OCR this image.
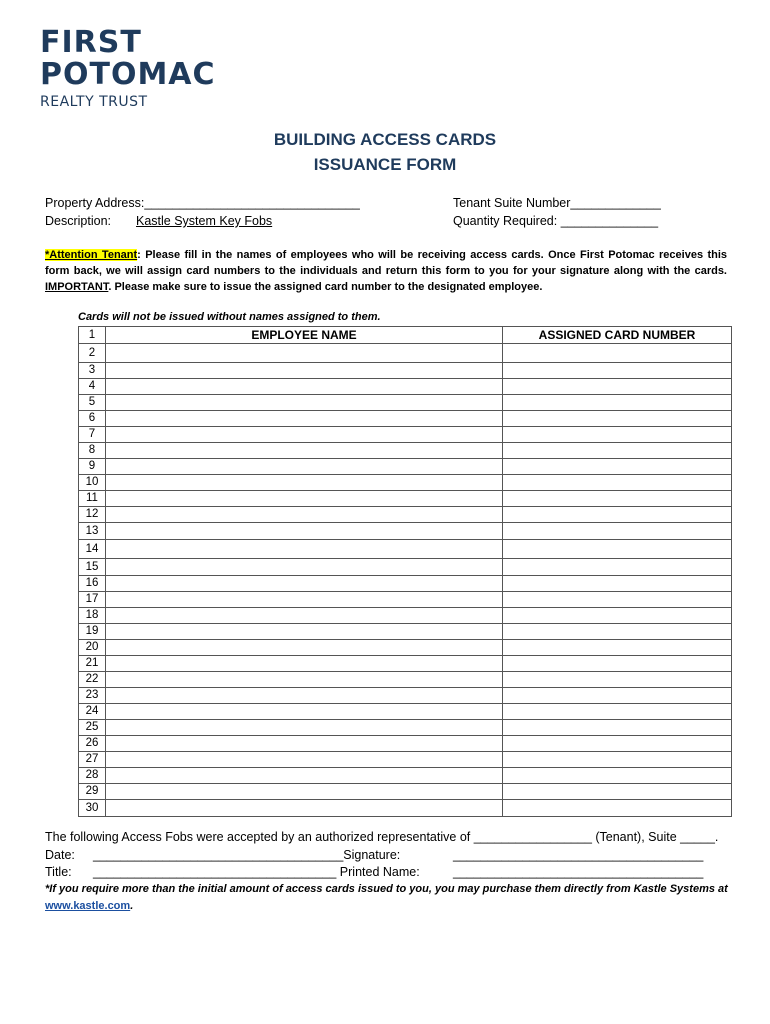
FIRST
POTOMAC
REALTY TRUST
BUILDING ACCESS CARDS
ISSUANCE FORM
Property Address:_______________________________
Description: Kastle System Key Fobs
Tenant Suite Number_____________
Quantity Required: ______________
*Attention Tenant: Please fill in the names of employees who will be receiving access cards. Once First Potomac receives this form back, we will assign card numbers to the individuals and return this form to you for your signature along with the cards. IMPORTANT. Please make sure to issue the assigned card number to the designated employee.
Cards will not be issued without names assigned to them.
1	EMPLOYEE NAME	ASSIGNED CARD NUMBER
2		
3		
4		
5		
6		
7		
8		
9		
10		
11		
12		
13		
14		
15		
16		
17		
18		
19		
20		
21		
22		
23		
24		
25		
26		
27		
28		
29		
30		
The following Access Fobs were accepted by an authorized representative of _________________ (Tenant), Suite _____.
Date: ____________________________________Signature:	____________________________________
Title: ___________________________________ Printed Name:	____________________________________
*If you require more than the initial amount of access cards issued to you, you may purchase them directly from Kastle Systems at
www.kastle.com.
